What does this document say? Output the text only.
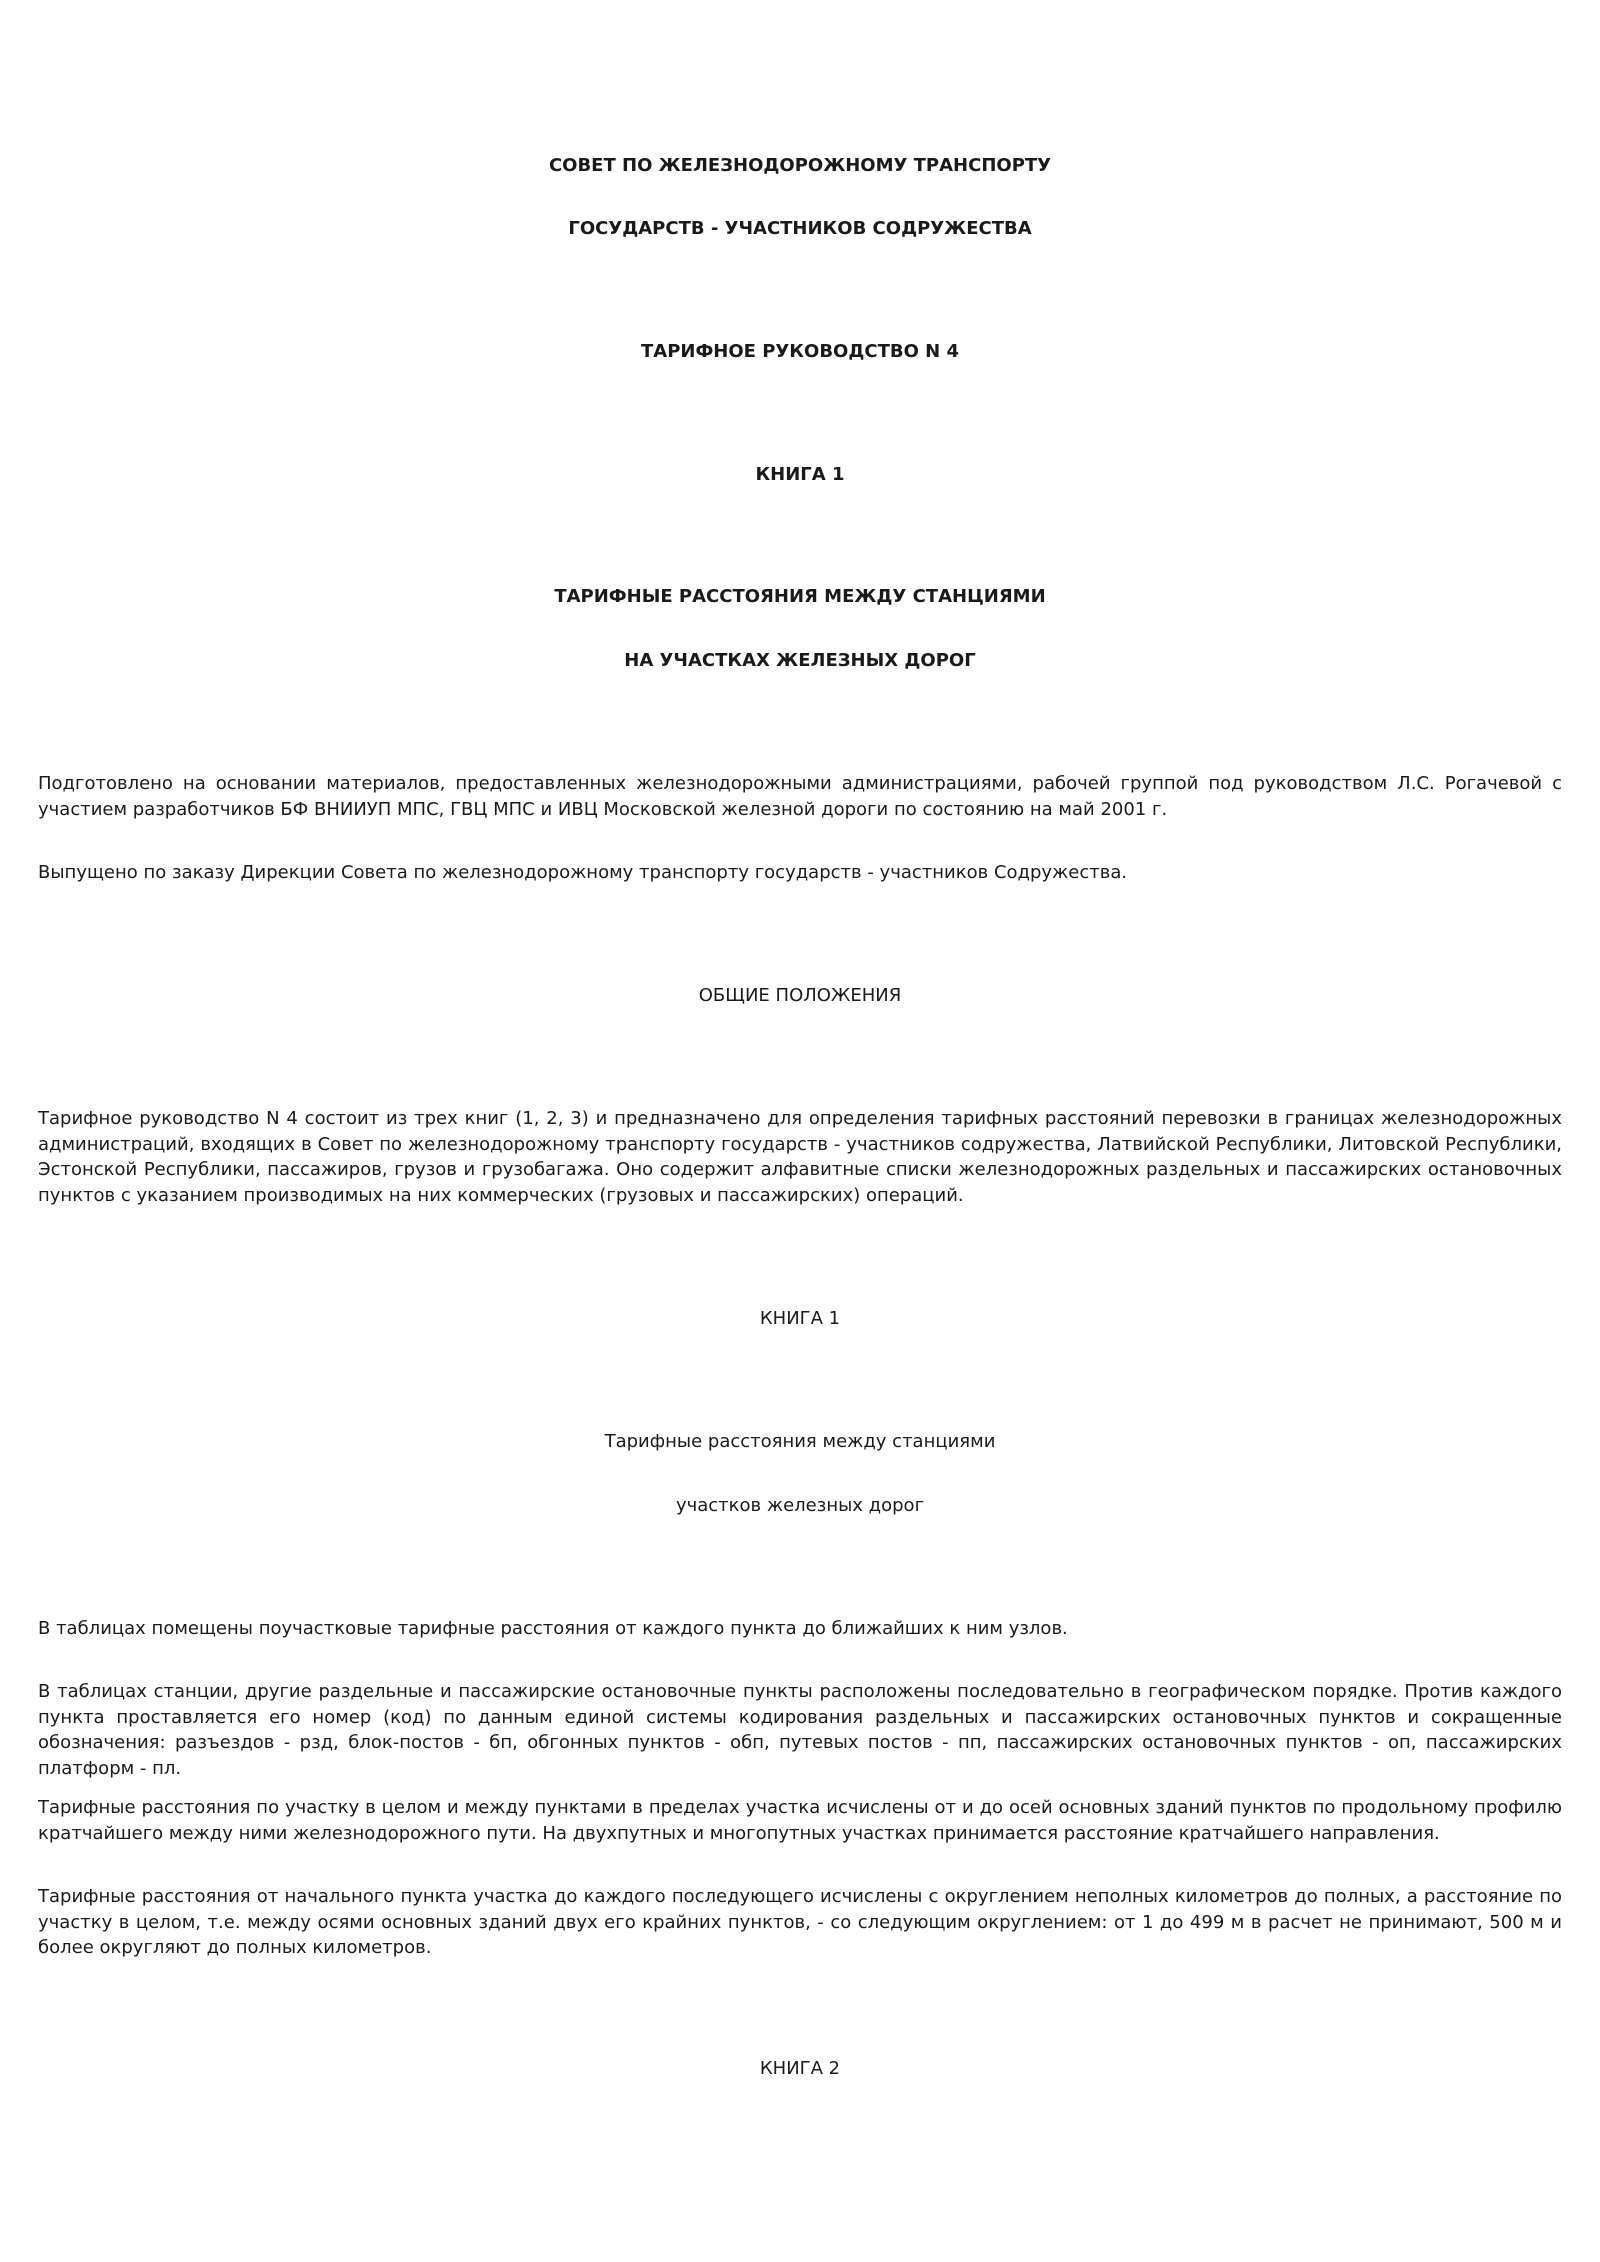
СОВЕТ ПО ЖЕЛЕЗНОДОРОЖНОМУ ТРАНСПОРТУ
ГОСУДАРСТВ - УЧАСТНИКОВ СОДРУЖЕСТВА
ТАРИФНОЕ РУКОВОДСТВО N 4
КНИГА 1
ТАРИФНЫЕ РАССТОЯНИЯ МЕЖДУ СТАНЦИЯМИ
НА УЧАСТКАХ ЖЕЛЕЗНЫХ ДОРОГ
Подготовлено на основании материалов, предоставленных железнодорожными администрациями, рабочей группой под руководством Л.С. Рогачевой с участием разработчиков БФ ВНИИУП МПС, ГВЦ МПС и ИВЦ Московской железной дороги по состоянию на май 2001 г.
Выпущено по заказу Дирекции Совета по железнодорожному транспорту государств - участников Содружества.
ОБЩИЕ ПОЛОЖЕНИЯ
Тарифное руководство N 4 состоит из трех книг (1, 2, 3) и предназначено для определения тарифных расстояний перевозки в границах железнодорожных администраций, входящих в Совет по железнодорожному транспорту государств - участников содружества, Латвийской Республики, Литовской Республики, Эстонской Республики, пассажиров, грузов и грузобагажа. Оно содержит алфавитные списки железнодорожных раздельных и пассажирских остановочных пунктов с указанием производимых на них коммерческих (грузовых и пассажирских) операций.
КНИГА 1
Тарифные расстояния между станциями
участков железных дорог
В таблицах помещены поучастковые тарифные расстояния от каждого пункта до ближайших к ним узлов.
В таблицах станции, другие раздельные и пассажирские остановочные пункты расположены последовательно в географическом порядке. Против каждого пункта проставляется его номер (код) по данным единой системы кодирования раздельных и пассажирских остановочных пунктов и сокращенные обозначения: разъездов - рзд, блок-постов - бп, обгонных пунктов - обп, путевых постов - пп, пассажирских остановочных пунктов - оп, пассажирских платформ - пл.
Тарифные расстояния по участку в целом и между пунктами в пределах участка исчислены от и до осей основных зданий пунктов по продольному профилю кратчайшего между ними железнодорожного пути. На двухпутных и многопутных участках принимается расстояние кратчайшего направления.
Тарифные расстояния от начального пункта участка до каждого последующего исчислены с округлением неполных километров до полных, а расстояние по участку в целом, т.е. между осями основных зданий двух его крайних пунктов, - со следующим округлением: от 1 до 499 м в расчет не принимают, 500 м и более округляют до полных километров.
КНИГА 2
